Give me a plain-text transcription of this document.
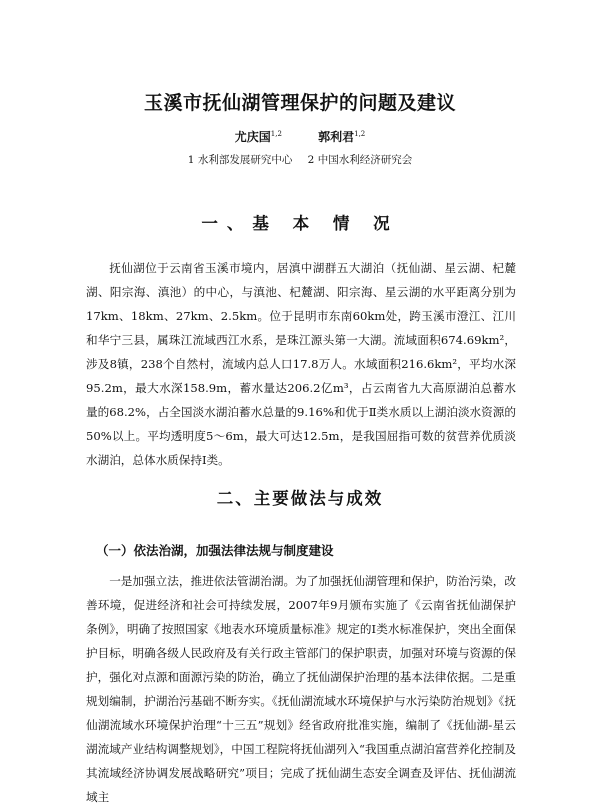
玉溪市抚仙湖管理保护的问题及建议
尤庆国$^{1,2}$	郭利君$^{1,2}$
1 水利部发展研究中心 2 中国水利经济研究会
一、基 本 情 况
抚仙湖位于云南省玉溪市境内，居滇中湖群五大湖泊（抚仙湖、星云湖、杞麓湖、阳宗海、滇池）的中心，与滇池、杞麓湖、阳宗海、星云湖的水平距离分别为17km、18km、27km、2.5km。位于昆明市东南60km处，跨玉溪市澄江、江川和华宁三县，属珠江流域西江水系，是珠江源头第一大湖。流域面积674.69km²，涉及8镇，238个自然村，流域内总人口17.8万人。水域面积216.6km²，平均水深95.2m，最大水深158.9m，蓄水量达206.2亿m³，占云南省九大高原湖泊总蓄水量的68.2%，占全国淡水湖泊蓄水总量的9.16%和优于Ⅱ类水质以上湖泊淡水资源的50%以上。平均透明度5～6m，最大可达12.5m，是我国屈指可数的贫营养优质淡水湖泊，总体水质保持Ⅰ类。
二、主要做法与成效
（一）依法治湖，加强法律法规与制度建设
一是加强立法，推进依法管湖治湖。为了加强抚仙湖管理和保护，防治污染，改善环境，促进经济和社会可持续发展，2007年9月颁布实施了《云南省抚仙湖保护条例》，明确了按照国家《地表水环境质量标准》规定的Ⅰ类水标准保护，突出全面保护目标，明确各级人民政府及有关行政主管部门的保护职责，加强对环境与资源的保护，强化对点源和面源污染的防治，确立了抚仙湖保护治理的基本法律依据。二是重规划编制，护湖治污基础不断夯实。《抚仙湖流域水环境保护与水污染防治规划》《抚仙湖流域水环境保护治理“十三五”规划》经省政府批准实施，编制了《抚仙湖-星云湖流域产业结构调整规划》，中国工程院将抚仙湖列入“我国重点湖泊富营养化控制及其流域经济协调发展战略研究”项目；完成了抚仙湖生态安全调查及评估、抚仙湖流域主
